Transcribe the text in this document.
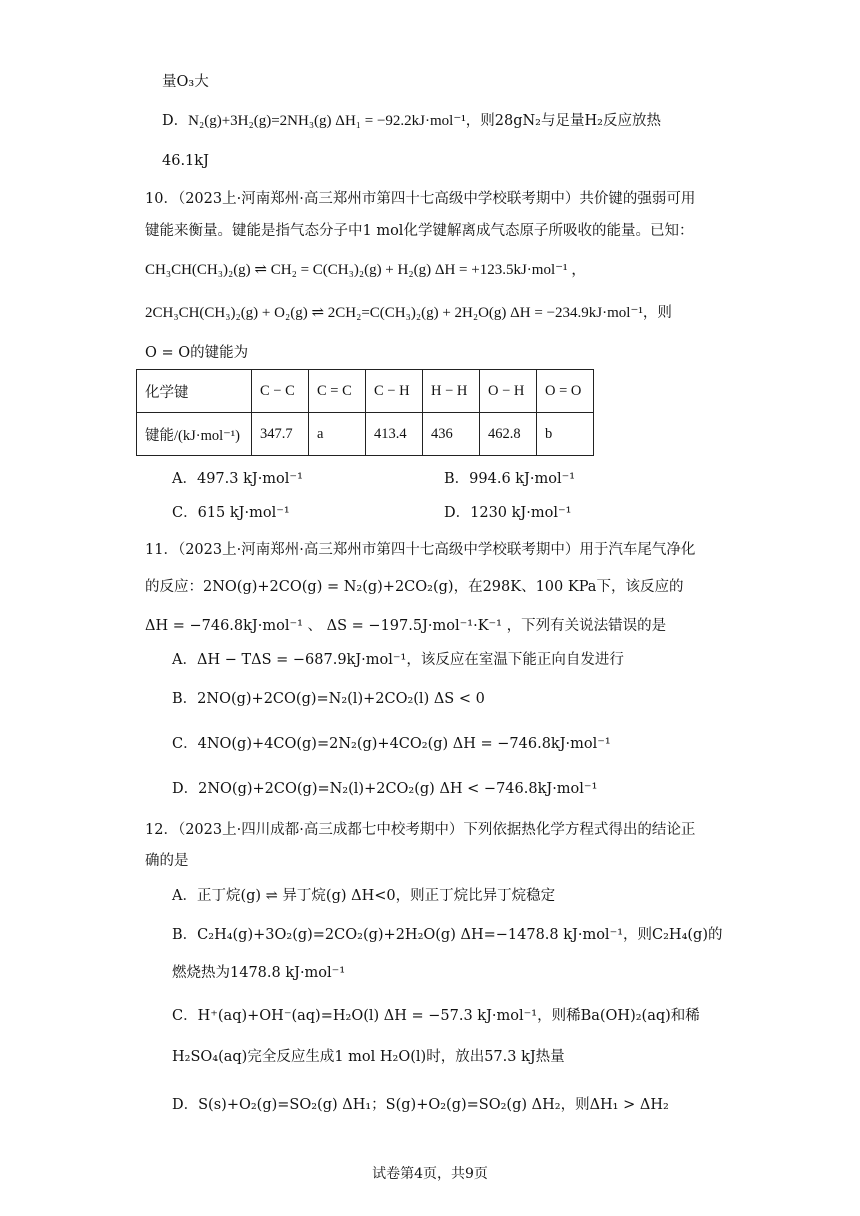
量O₃大
D．N₂(g)+3H₂(g)=2NH₃(g) ΔH₁ = −92.2kJ·mol⁻¹，则28gN₂与足量H₂反应放热
46.1kJ
10．（2023上·河南郑州·高三郑州市第四十七高级中学校联考期中）共价键的强弱可用
键能来衡量。键能是指气态分子中1 mol化学键解离成气态原子所吸收的能量。已知：
CH₃CH(CH₃)₂(g) ⇌ CH₂ = C(CH₃)₂(g) + H₂(g) ΔH = +123.5kJ·mol⁻¹ ，
2CH₃CH(CH₃)₂(g) + O₂(g) ⇌ 2CH₂=C(CH₃)₂(g) + 2H₂O(g) ΔH = −234.9kJ·mol⁻¹，则
O = O的键能为
化学键	C − C	C = C	C − H	H − H	O − H	O = O
键能/(kJ·mol⁻¹)	347.7	a	413.4	436	462.8	b
A．497.3 kJ·mol⁻¹	B．994.6 kJ·mol⁻¹
C．615 kJ·mol⁻¹	D．1230 kJ·mol⁻¹
11．（2023上·河南郑州·高三郑州市第四十七高级中学校联考期中）用于汽车尾气净化
的反应：2NO(g)+2CO(g) = N₂(g)+2CO₂(g)，在298K、100 KPa下，该反应的
ΔH = −746.8kJ·mol⁻¹ 、 ΔS = −197.5J·mol⁻¹·K⁻¹ ，下列有关说法错误的是
A．ΔH − TΔS = −687.9kJ·mol⁻¹，该反应在室温下能正向自发进行
B．2NO(g)+2CO(g)=N₂(l)+2CO₂(l) ΔS < 0
C．4NO(g)+4CO(g)=2N₂(g)+4CO₂(g) ΔH = −746.8kJ·mol⁻¹
D．2NO(g)+2CO(g)=N₂(l)+2CO₂(g) ΔH < −746.8kJ·mol⁻¹
12．（2023上·四川成都·高三成都七中校考期中）下列依据热化学方程式得出的结论正
确的是
A．正丁烷(g) ⇌ 异丁烷(g) ΔH<0，则正丁烷比异丁烷稳定
B．C₂H₄(g)+3O₂(g)=2CO₂(g)+2H₂O(g) ΔH=−1478.8 kJ·mol⁻¹，则C₂H₄(g)的
燃烧热为1478.8 kJ·mol⁻¹
C．H⁺(aq)+OH⁻(aq)=H₂O(l) ΔH = −57.3 kJ·mol⁻¹，则稀Ba(OH)₂(aq)和稀
H₂SO₄(aq)完全反应生成1 mol H₂O(l)时，放出57.3 kJ热量
D．S(s)+O₂(g)=SO₂(g) ΔH₁；S(g)+O₂(g)=SO₂(g) ΔH₂，则ΔH₁ > ΔH₂
试卷第4页，共9页
